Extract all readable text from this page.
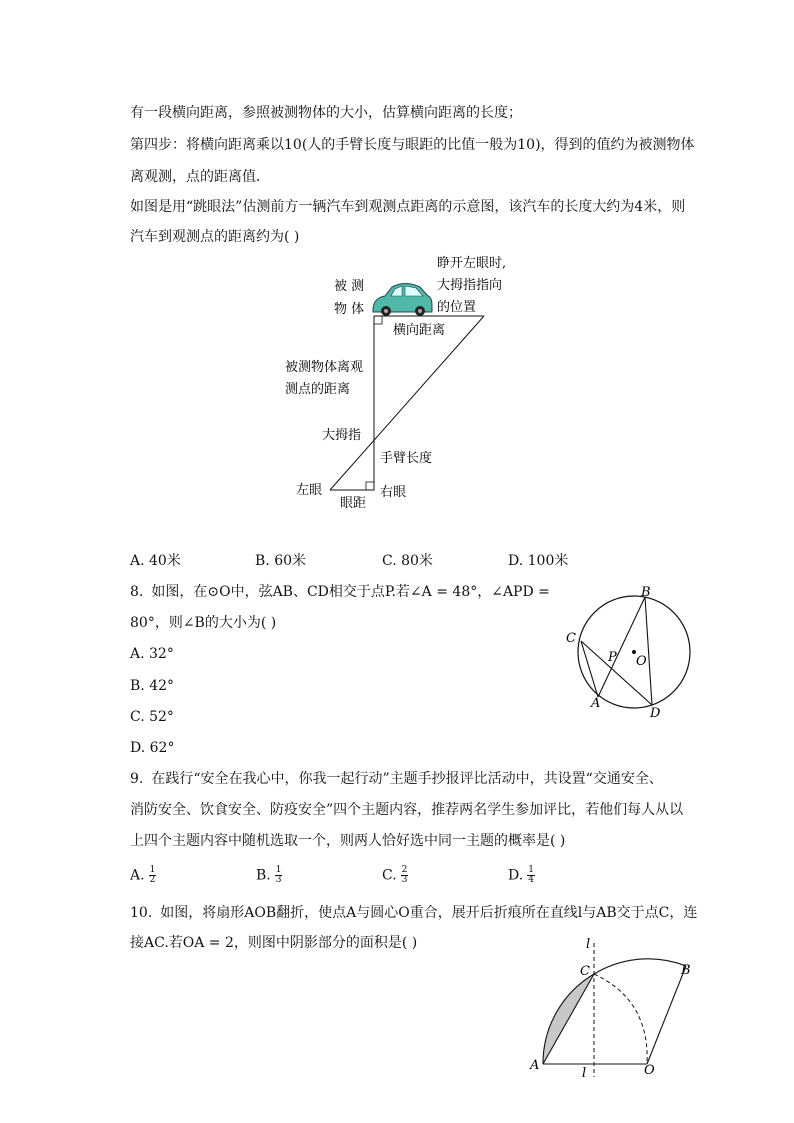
有一段横向距离，参照被测物体的大小，估算横向距离的长度；
第四步：将横向距离乘以10(人的手臂长度与眼距的比值一般为10)，得到的值约为被测物体
离观测，点的距离值．
如图是用“跳眼法”估测前方一辆汽车到观测点距离的示意图，该汽车的长度大约为4米，则
汽车到观测点的距离约为( )
被 测
物 体
睁开左眼时,
大拇指指向
的位置
横向距离
被测物体离观
测点的距离
大拇指
手臂长度
左眼
眼距
右眼
A. 40米	B. 60米	C. 80米	D. 100米
8. 如图，在⊙O中，弦AB、CD相交于点P.若∠A = 48°，∠APD =
80°，则∠B的大小为( )
A. 32°
B. 42°
C. 52°
D. 62°
B
C
P O
A
D
9. 在践行“安全在我心中，你我一起行动”主题手抄报评比活动中，共设置“交通安全、
消防安全、饮食安全、防疫安全”四个主题内容，推荐两名学生参加评比，若他们每人从以
上四个主题内容中随机选取一个，则两人恰好选中同一主题的概率是( )
A. $\frac{1}{2}$	B. $\frac{1}{3}$	C. $\frac{2}{3}$	D. $\frac{1}{4}$
10. 如图，将扇形AOB翻折，使点A与圆心O重合，展开后折痕所在直线l与AB交于点C，连
接AC.若OA = 2，则图中阴影部分的面积是( )	l
l
C	B
A	O
